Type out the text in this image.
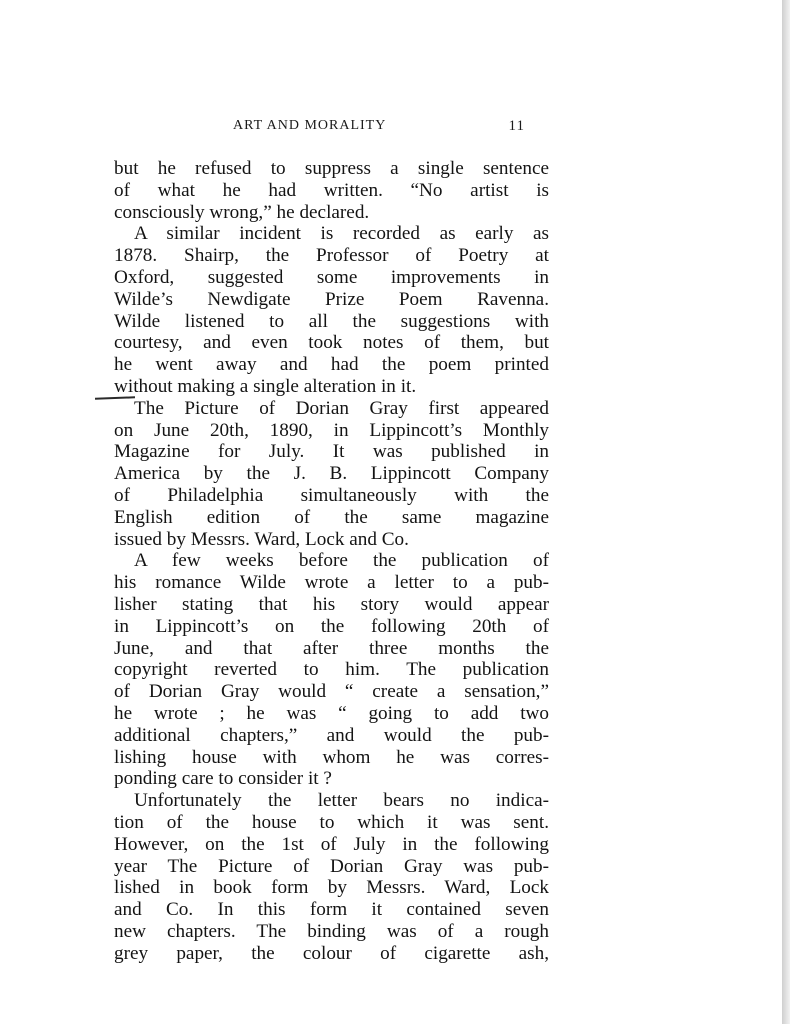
ART AND MORALITY	11
but he refused to suppress a single sentence
of what he had written. “No artist is
consciously wrong,” he declared.
A similar incident is recorded as early as
1878. Shairp, the Professor of Poetry at
Oxford, suggested some improvements in
Wilde’s Newdigate Prize Poem Ravenna.
Wilde listened to all the suggestions with
courtesy, and even took notes of them, but
he went away and had the poem printed
without making a single alteration in it.
The Picture of Dorian Gray first appeared
on June 20th, 1890, in Lippincott’s Monthly
Magazine for July. It was published in
America by the J. B. Lippincott Company
of Philadelphia simultaneously with the
English edition of the same magazine
issued by Messrs. Ward, Lock and Co.
A few weeks before the publication of
his romance Wilde wrote a letter to a pub-
lisher stating that his story would appear
in Lippincott’s on the following 20th of
June, and that after three months the
copyright reverted to him. The publication
of Dorian Gray would “ create a sensation,”
he wrote ; he was “ going to add two
additional chapters,” and would the pub-
lishing house with whom he was corres-
ponding care to consider it ?
Unfortunately the letter bears no indica-
tion of the house to which it was sent.
However, on the 1st of July in the following
year The Picture of Dorian Gray was pub-
lished in book form by Messrs. Ward, Lock
and Co. In this form it contained seven
new chapters. The binding was of a rough
grey paper, the colour of cigarette ash,
